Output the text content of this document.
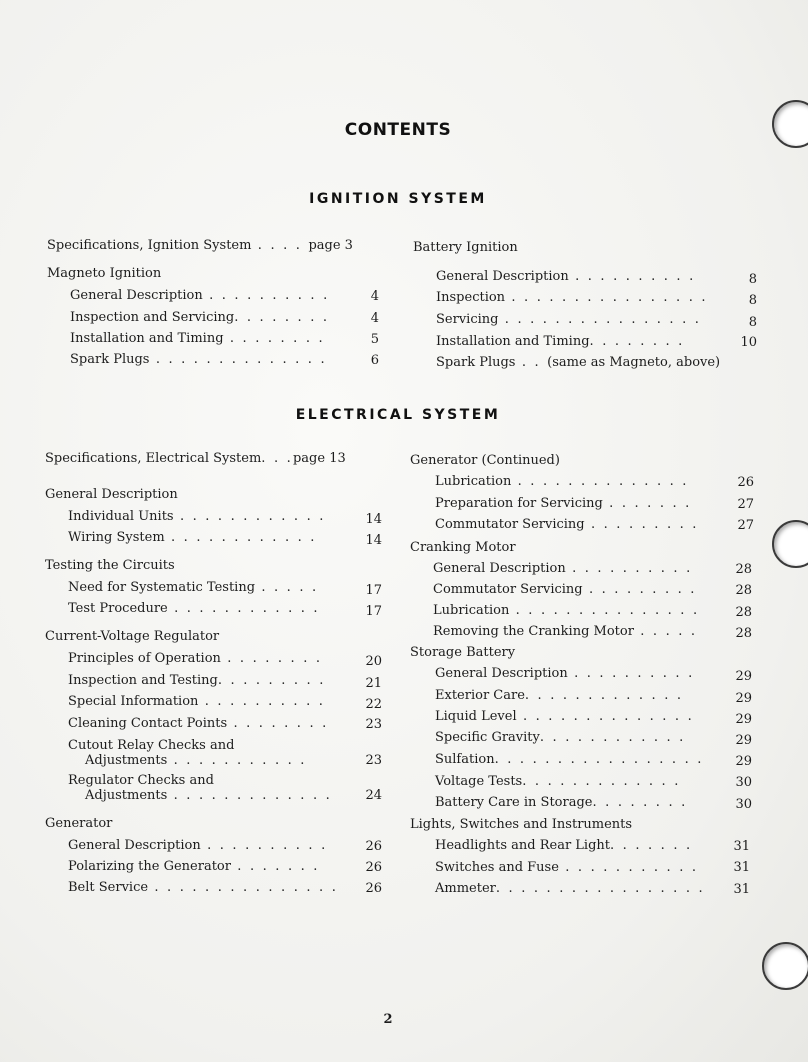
CONTENTS
IGNITION SYSTEM
ELECTRICAL SYSTEM
Specifications, Ignition System . . . . page 3
Magneto Ignition
General Description . . . . . . . . . .	4
Inspection and Servicing. . . . . . . .	4
Installation and Timing . . . . . . . .	5
Spark Plugs . . . . . . . . . . . . . .	6
Battery Ignition
General Description . . . . . . . . . .	8
Inspection . . . . . . . . . . . . . . . .	8
Servicing . . . . . . . . . . . . . . . .	8
Installation and Timing. . . . . . . .	10
Spark Plugs . . (same as Magneto, above)
Specifications, Electrical System. . .page 13
General Description
Individual Units . . . . . . . . . . . .	14
Wiring System . . . . . . . . . . . .	14
Testing the Circuits
Need for Systematic Testing . . . . .	17
Test Procedure . . . . . . . . . . . .	17
Current-Voltage Regulator
Principles of Operation . . . . . . . .	20
Inspection and Testing. . . . . . . . .	21
Special Information . . . . . . . . . .	22
Cleaning Contact Points . . . . . . . .	23
Cutout Relay Checks and
Adjustments . . . . . . . . . . .	23
Regulator Checks and
Adjustments . . . . . . . . . . . . .	24
Generator
General Description . . . . . . . . . .	26
Polarizing the Generator . . . . . . .	26
Belt Service . . . . . . . . . . . . . . .	26
Generator (Continued)
Lubrication . . . . . . . . . . . . . .	26
Preparation for Servicing . . . . . . .	27
Commutator Servicing . . . . . . . . .	27
Cranking Motor
General Description . . . . . . . . . .	28
Commutator Servicing . . . . . . . . .	28
Lubrication . . . . . . . . . . . . . . .	28
Removing the Cranking Motor . . . . .	28
Storage Battery
General Description . . . . . . . . . .	29
Exterior Care. . . . . . . . . . . . .	29
Liquid Level . . . . . . . . . . . . . .	29
Specific Gravity. . . . . . . . . . . .	29
Sulfation. . . . . . . . . . . . . . . . .	29
Voltage Tests. . . . . . . . . . . . .	30
Battery Care in Storage. . . . . . . .	30
Lights, Switches and Instruments
Headlights and Rear Light. . . . . . .	31
Switches and Fuse . . . . . . . . . . .	31
Ammeter. . . . . . . . . . . . . . . . .	31
2
